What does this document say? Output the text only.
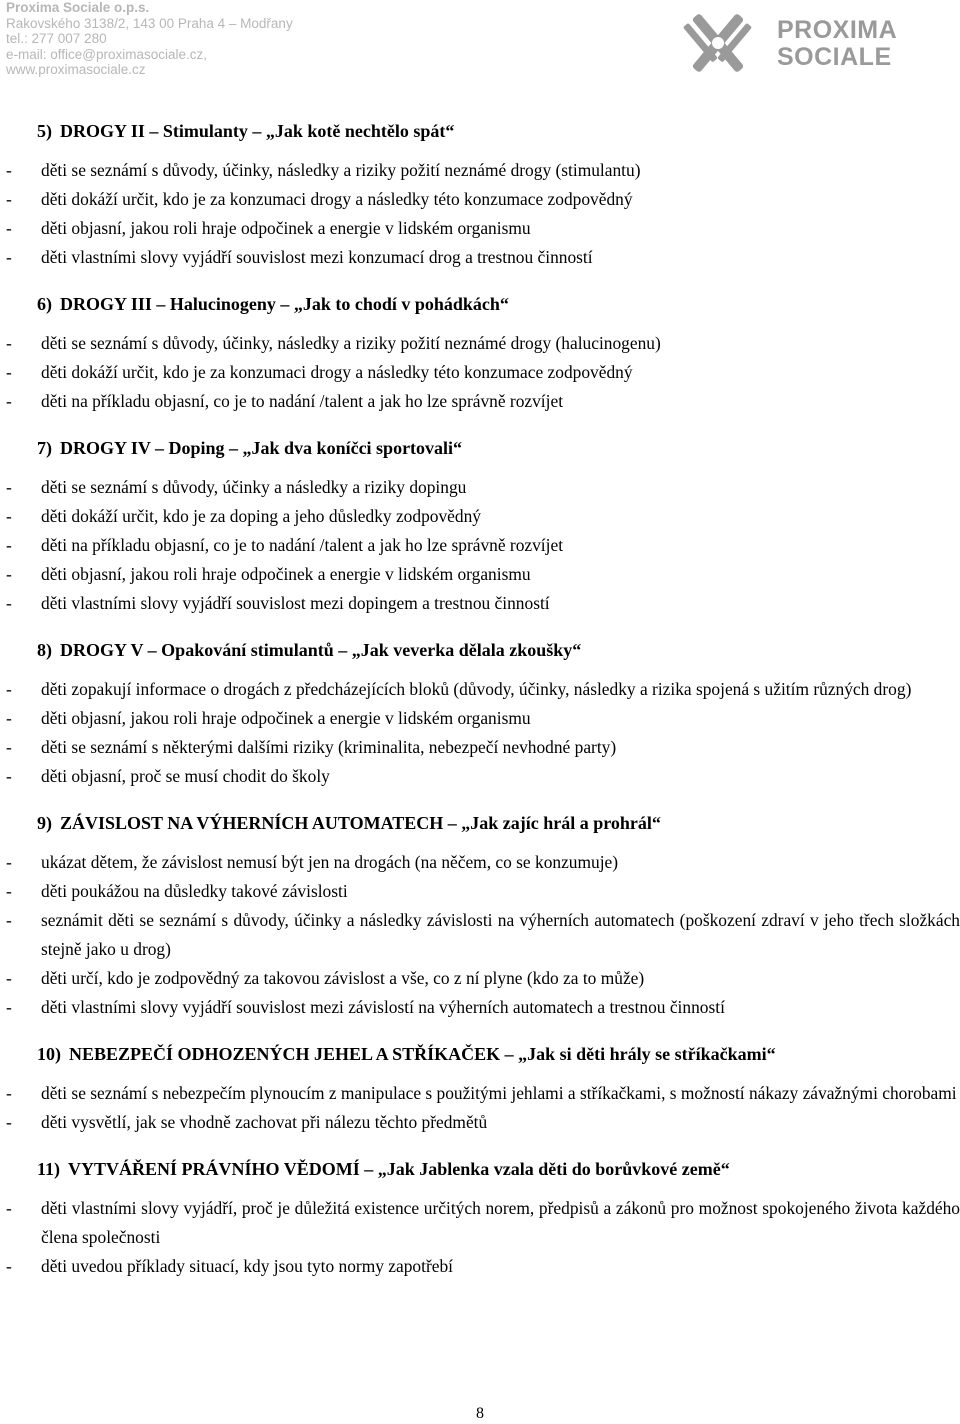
Proxima Sociale o.p.s.
Rakovského 3138/2, 143 00 Praha 4 – Modřany
tel.: 277 007 280
e-mail: office@proximasociale.cz,
www.proximasociale.cz
PROXIMA
SOCIALE
5) DROGY II – Stimulanty – „Jak kotě nechtělo spát“
- děti se seznámí s důvody, účinky, následky a riziky požití neznámé drogy (stimulantu)
- děti dokáží určit, kdo je za konzumaci drogy a následky této konzumace zodpovědný
- děti objasní, jakou roli hraje odpočinek a energie v lidském organismu
- děti vlastními slovy vyjádří souvislost mezi konzumací drog a trestnou činností
6) DROGY III – Halucinogeny – „Jak to chodí v pohádkách“
- děti se seznámí s důvody, účinky, následky a riziky požití neznámé drogy (halucinogenu)
- děti dokáží určit, kdo je za konzumaci drogy a následky této konzumace zodpovědný
- děti na příkladu objasní, co je to nadání /talent a jak ho lze správně rozvíjet
7) DROGY IV – Doping – „Jak dva koníčci sportovali“
- děti se seznámí s důvody, účinky a následky a riziky dopingu
- děti dokáží určit, kdo je za doping a jeho důsledky zodpovědný
- děti na příkladu objasní, co je to nadání /talent a jak ho lze správně rozvíjet
- děti objasní, jakou roli hraje odpočinek a energie v lidském organismu
- děti vlastními slovy vyjádří souvislost mezi dopingem a trestnou činností
8) DROGY V – Opakování stimulantů – „Jak veverka dělala zkoušky“
- děti zopakují informace o drogách z předcházejících bloků (důvody, účinky, následky a rizika spojená s užitím různých drog)
- děti objasní, jakou roli hraje odpočinek a energie v lidském organismu
- děti se seznámí s některými dalšími riziky (kriminalita, nebezpečí nevhodné party)
- děti objasní, proč se musí chodit do školy
9) ZÁVISLOST NA VÝHERNÍCH AUTOMATECH – „Jak zajíc hrál a prohrál“
- ukázat dětem, že závislost nemusí být jen na drogách (na něčem, co se konzumuje)
- děti poukážou na důsledky takové závislosti
- seznámit děti se seznámí s důvody, účinky a následky závislosti na výherních automatech (poškození zdraví v jeho třech složkách stejně jako u drog)
- děti určí, kdo je zodpovědný za takovou závislost a vše, co z ní plyne (kdo za to může)
- děti vlastními slovy vyjádří souvislost mezi závislostí na výherních automatech a trestnou činností
10) NEBEZPEČÍ ODHOZENÝCH JEHEL A STŘÍKAČEK – „Jak si děti hrály se stříkačkami“
- děti se seznámí s nebezpečím plynoucím z manipulace s použitými jehlami a stříkačkami, s možností nákazy závažnými chorobami
- děti vysvětlí, jak se vhodně zachovat při nálezu těchto předmětů
11) VYTVÁŘENÍ PRÁVNÍHO VĚDOMÍ – „Jak Jablenka vzala děti do borůvkové země“
- děti vlastními slovy vyjádří, proč je důležitá existence určitých norem, předpisů a zákonů pro možnost spokojeného života každého člena společnosti
- děti uvedou příklady situací, kdy jsou tyto normy zapotřebí
8
